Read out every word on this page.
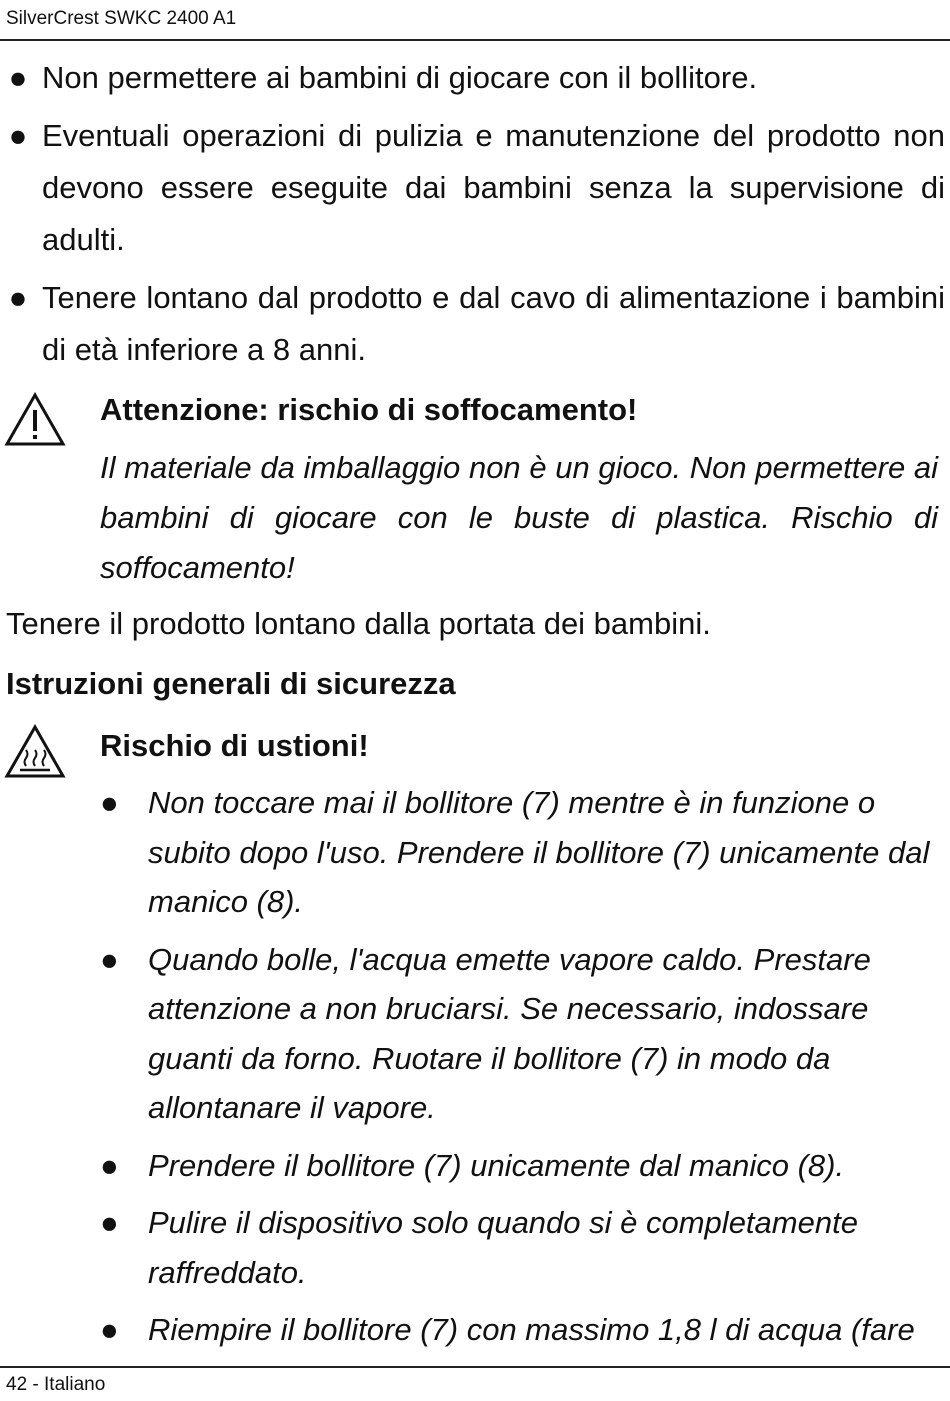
SilverCrest SWKC 2400 A1
● Non permettere ai bambini di giocare con il bollitore.
● Eventuali operazioni di pulizia e manutenzione del prodotto non devono essere eseguite dai bambini senza la supervisione di adulti.
● Tenere lontano dal prodotto e dal cavo di alimentazione i bambini di età inferiore a 8 anni.
Attenzione: rischio di soffocamento!
Il materiale da imballaggio non è un gioco. Non permettere ai bambini di giocare con le buste di plastica. Rischio di soffocamento!
Tenere il prodotto lontano dalla portata dei bambini.
Istruzioni generali di sicurezza
Rischio di ustioni!
● Non toccare mai il bollitore (7) mentre è in funzione o subito dopo l'uso. Prendere il bollitore (7) unicamente dal manico (8).
● Quando bolle, l'acqua emette vapore caldo. Prestare attenzione a non bruciarsi. Se necessario, indossare guanti da forno. Ruotare il bollitore (7) in modo da allontanare il vapore.
● Prendere il bollitore (7) unicamente dal manico (8).
● Pulire il dispositivo solo quando si è completamente raffreddato.
● Riempire il bollitore (7) con massimo 1,8 l di acqua (fare
42 - Italiano
